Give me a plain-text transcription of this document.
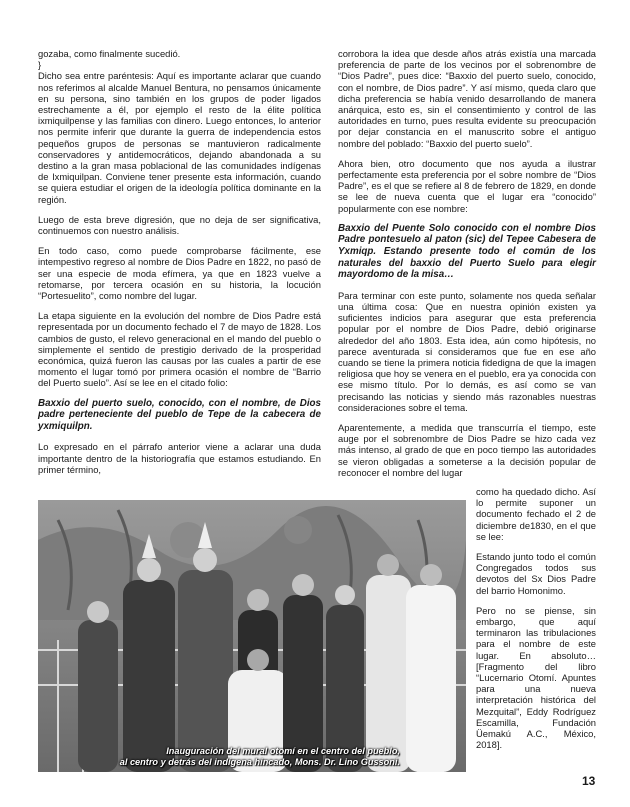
gozaba, como finalmente sucedió.

}

Dicho sea entre paréntesis: Aquí es importante aclarar que cuando nos referimos al alcalde Manuel Bentura, no pensamos únicamente en su persona, sino también en los grupos de poder ligados estrechamente a él, por ejemplo el resto de la élite política ixmiquilpense y las familias con dinero. Luego entonces, lo anterior nos permite inferir que durante la guerra de independencia estos pequeños grupos de personas se mantuvieron radicalmente conservadores y antidemocráticos, dejando abandonada a su destino a la gran masa poblacional de las comunidades indígenas de Ixmiquilpan. Conviene tener presente esta información, cuando se quiera estudiar el origen de la ideología política dominante en la región.

Luego de esta breve digresión, que no deja de ser significativa, continuemos con nuestro análisis.

En todo caso, como puede comprobarse fácilmente, ese intempestivo regreso al nombre de Dios Padre en 1822, no pasó de ser una especie de moda efímera, ya que en 1823 vuelve a retomarse, por tercera ocasión en su historia, la locución “Portesuelito”, como nombre del lugar.

La etapa siguiente en la evolución del nombre de Dios Padre está representada por un documento fechado el 7 de mayo de 1828. Los cambios de gusto, el relevo generacional en el mando del pueblo o simplemente el sentido de prestigio derivado de la prosperidad económica, quizá fueron las causas por las cuales a partir de ese momento el lugar tomó por primera ocasión el nombre de “Barrio del Puerto suelo”. Así se lee en el citado folio:

Baxxio del puerto suelo, conocido, con el nombre, de Dios padre perteneciente del pueblo de Tepe de la cabecera de yxmiquilpn.

Lo expresado en el párrafo anterior viene a aclarar una duda importante dentro de la historiografía que estamos estudiando. En primer término,

corrobora la idea que desde años atrás existía una marcada preferencia de parte de los vecinos por el sobrenombre de “Dios Padre”, pues dice: “Baxxio del puerto suelo, conocido, con el nombre, de Dios padre”. Y así mismo, queda claro que dicha preferencia se había venido desarrollando de manera anárquica, esto es, sin el consentimiento y control de las autoridades en turno, pues resulta evidente su preocupación por dejar constancia en el manuscrito sobre el antiguo nombre del poblado: “Baxxio del puerto suelo”.

Ahora bien, otro documento que nos ayuda a ilustrar perfectamente esta preferencia por el sobre nombre de “Dios Padre”, es el que se refiere al 8 de febrero de 1829, en donde se lee de nueva cuenta que el lugar era “conocido” popularmente con ese nombre:

Baxxio del Puente Solo conocido con el nombre Dios Padre pontesuelo al paton (sic) del Tepee Cabesera de Yxmiqp. Estando presente todo el común de los naturales del baxxio del Puerto Suelo para elegir mayordomo de la misa…

Para terminar con este punto, solamente nos queda señalar una última cosa: Que en nuestra opinión existen ya suficientes indicios para asegurar que esta preferencia popular por el nombre de Dios Padre, debió originarse alrededor del año 1803. Esta idea, aún como hipótesis, no parece aventurada si consideramos que fue en ese año cuando se tiene la primera noticia fidedigna de que la imagen religiosa que hoy se venera en el pueblo, era ya conocida con ese mismo título. Por lo demás, es así como se van precisando las noticias y siendo más razonables nuestras consideraciones sobre el tema.

Aparentemente, a medida que transcurría el tiempo, este auge por el sobrenombre de Dios Padre se hizo cada vez más intenso, al grado de que en poco tiempo las autoridades se vieron obligadas a someterse a la decisión popular de reconocer el nombre del lugar

Inauguración del mural otomí en el centro del pueblo,
al centro y detrás del indígena hincado, Mons. Dr. Lino Gussoni.

como ha quedado dicho. Así lo permite suponer un documento fechado el 2 de diciembre de1830, en el que se lee:

Estando junto todo el común Congregados todos sus devotos del Sx Dios Padre del barrio Homonimo.

Pero no se piense, sin embargo, que aquí terminaron las tribulaciones para el nombre de este lugar. En absoluto… [Fragmento del libro “Lucernario Otomí. Apuntes para una nueva interpretación histórica del Mezquital”, Eddy Rodríguez Escamilla, Fundación Üemakú A.C., México, 2018].

13
